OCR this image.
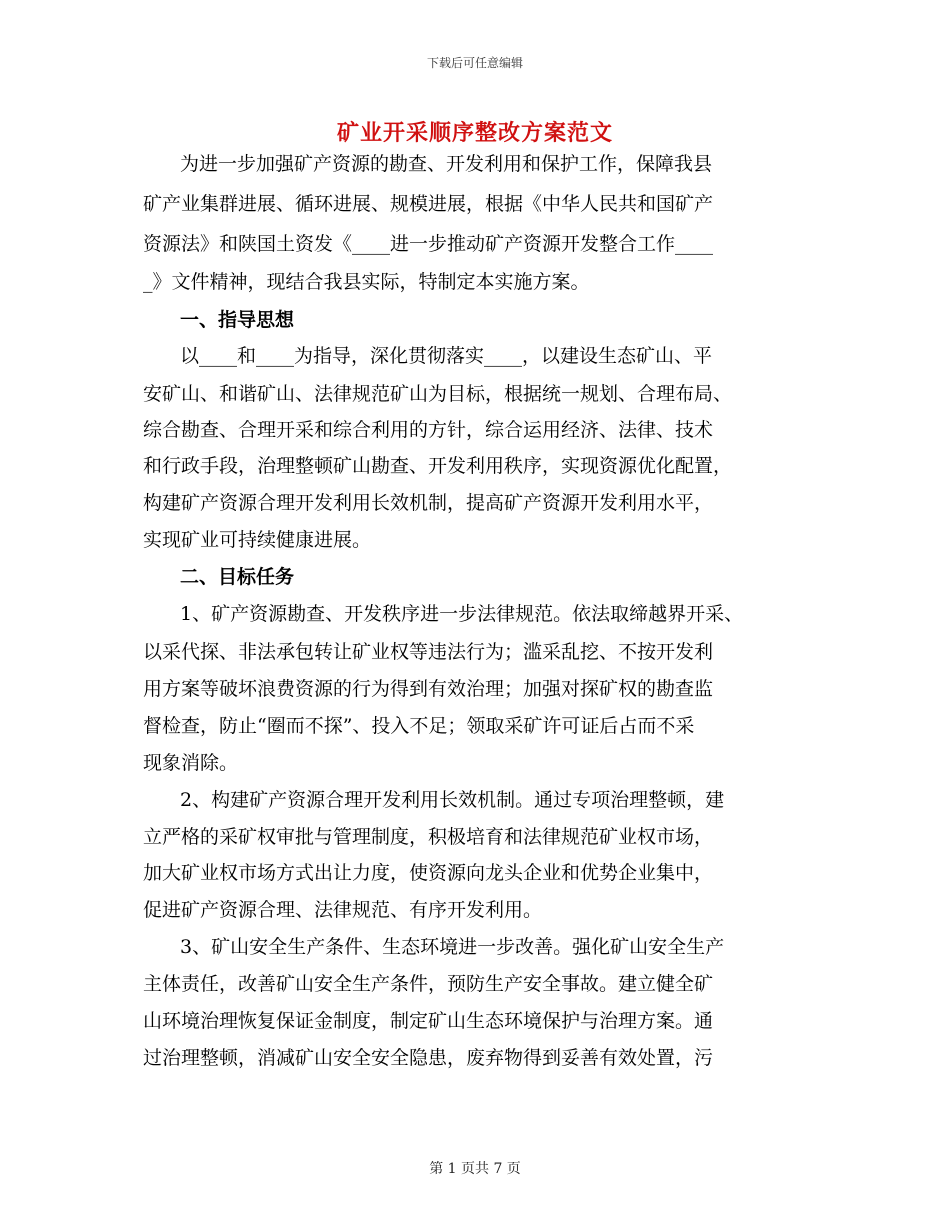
下载后可任意编辑
矿业开采顺序整改方案范文
为进一步加强矿产资源的勘查、开发利用和保护工作，保障我县
矿产业集群进展、循环进展、规模进展，根据《中华人民共和国矿产
资源法》和陕国土资发《____进一步推动矿产资源开发整合工作____
_》文件精神，现结合我县实际，特制定本实施方案。
一、指导思想
以____和____为指导，深化贯彻落实____，以建设生态矿山、平
安矿山、和谐矿山、法律规范矿山为目标，根据统一规划、合理布局、
综合勘查、合理开采和综合利用的方针，综合运用经济、法律、技术
和行政手段，治理整顿矿山勘查、开发利用秩序，实现资源优化配置，
构建矿产资源合理开发利用长效机制，提高矿产资源开发利用水平，
实现矿业可持续健康进展。
二、目标任务
1、矿产资源勘查、开发秩序进一步法律规范。依法取缔越界开采、
以采代探、非法承包转让矿业权等违法行为；滥采乱挖、不按开发利
用方案等破坏浪费资源的行为得到有效治理；加强对探矿权的勘查监
督检查，防止“圈而不探”、投入不足；领取采矿许可证后占而不采
现象消除。
2、构建矿产资源合理开发利用长效机制。通过专项治理整顿，建
立严格的采矿权审批与管理制度，积极培育和法律规范矿业权市场，
加大矿业权市场方式出让力度，使资源向龙头企业和优势企业集中，
促进矿产资源合理、法律规范、有序开发利用。
3、矿山安全生产条件、生态环境进一步改善。强化矿山安全生产
主体责任，改善矿山安全生产条件，预防生产安全事故。建立健全矿
山环境治理恢复保证金制度，制定矿山生态环境保护与治理方案。通
过治理整顿，消减矿山安全安全隐患，废弃物得到妥善有效处置，污
第 1 页共 7 页
